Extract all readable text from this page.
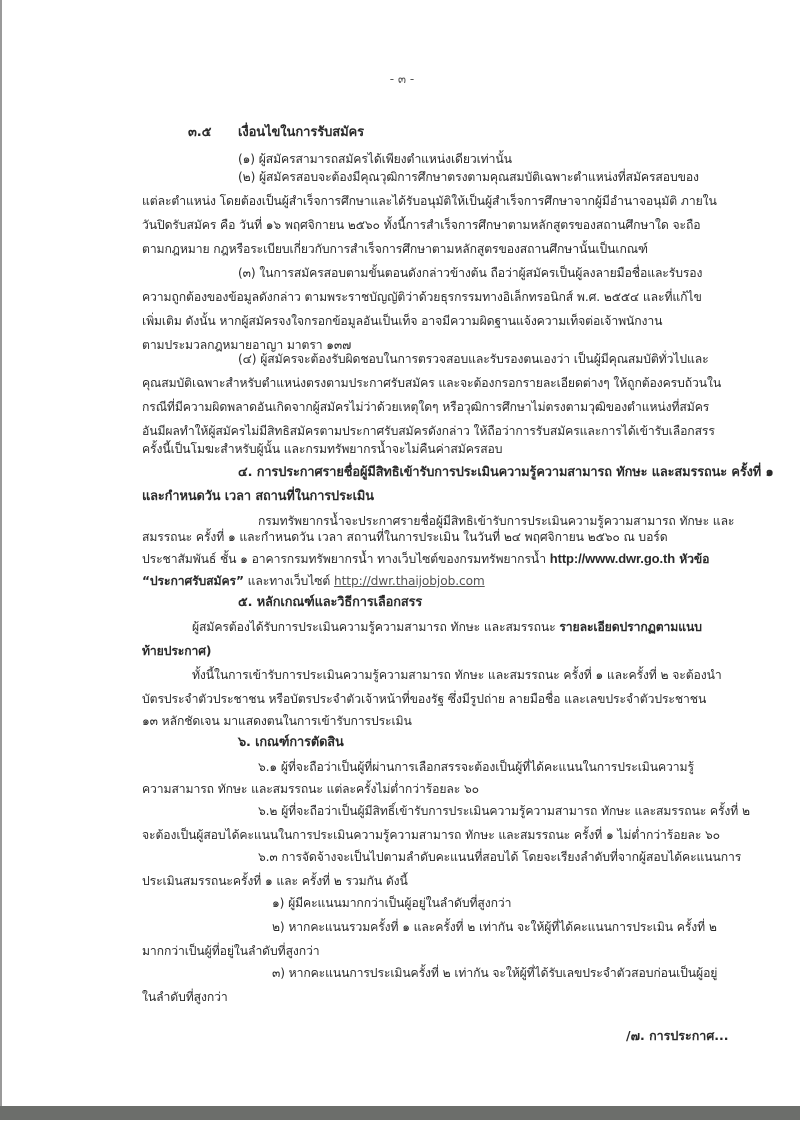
- ๓ -
๓.๕ เงื่อนไขในการรับสมัคร
(๑) ผู้สมัครสามารถสมัครได้เพียงตำแหน่งเดียวเท่านั้น
(๒) ผู้สมัครสอบจะต้องมีคุณวุฒิการศึกษาตรงตามคุณสมบัติเฉพาะตำแหน่งที่สมัครสอบของ
แต่ละตำแหน่ง โดยต้องเป็นผู้สำเร็จการศึกษาและได้รับอนุมัติให้เป็นผู้สำเร็จการศึกษาจากผู้มีอำนาจอนุมัติ ภายใน
วันปิดรับสมัคร คือ วันที่ ๑๖ พฤศจิกายน ๒๕๖๐ ทั้งนี้การสำเร็จการศึกษาตามหลักสูตรของสถานศึกษาใด จะถือ
ตามกฎหมาย กฎหรือระเบียบเกี่ยวกับการสำเร็จการศึกษาตามหลักสูตรของสถานศึกษานั้นเป็นเกณฑ์
(๓) ในการสมัครสอบตามขั้นตอนดังกล่าวข้างต้น ถือว่าผู้สมัครเป็นผู้ลงลายมือชื่อและรับรอง
ความถูกต้องของข้อมูลดังกล่าว ตามพระราชบัญญัติว่าด้วยธุรกรรมทางอิเล็กทรอนิกส์ พ.ศ. ๒๕๕๔ และที่แก้ไข
เพิ่มเติม ดังนั้น หากผู้สมัครจงใจกรอกข้อมูลอันเป็นเท็จ อาจมีความผิดฐานแจ้งความเท็จต่อเจ้าพนักงาน
ตามประมวลกฎหมายอาญา มาตรา ๑๓๗
(๔) ผู้สมัครจะต้องรับผิดชอบในการตรวจสอบและรับรองตนเองว่า เป็นผู้มีคุณสมบัติทั่วไปและ
คุณสมบัติเฉพาะสำหรับตำแหน่งตรงตามประกาศรับสมัคร และจะต้องกรอกรายละเอียดต่างๆ ให้ถูกต้องครบถ้วนใน
กรณีที่มีความผิดพลาดอันเกิดจากผู้สมัครไม่ว่าด้วยเหตุใดๆ หรือวุฒิการศึกษาไม่ตรงตามวุฒิของตำแหน่งที่สมัคร
อันมีผลทำให้ผู้สมัครไม่มีสิทธิสมัครตามประกาศรับสมัครดังกล่าว ให้ถือว่าการรับสมัครและการได้เข้ารับเลือกสรร
ครั้งนี้เป็นโมฆะสำหรับผู้นั้น และกรมทรัพยากรน้ำจะไม่คืนค่าสมัครสอบ
๔. การประกาศรายชื่อผู้มีสิทธิเข้ารับการประเมินความรู้ความสามารถ ทักษะ และสมรรถนะ ครั้งที่ ๑
และกำหนดวัน เวลา สถานที่ในการประเมิน
กรมทรัพยากรน้ำจะประกาศรายชื่อผู้มีสิทธิเข้ารับการประเมินความรู้ความสามารถ ทักษะ และ
สมรรถนะ ครั้งที่ ๑ และกำหนดวัน เวลา สถานที่ในการประเมิน ในวันที่ ๒๔ พฤศจิกายน ๒๕๖๐ ณ บอร์ด
ประชาสัมพันธ์ ชั้น ๑ อาคารกรมทรัพยากรน้ำ ทางเว็บไซต์ของกรมทรัพยากรน้ำ http://www.dwr.go.th หัวข้อ
“ประกาศรับสมัคร” และทางเว็บไซต์ http://dwr.thaijobjob.com
๕. หลักเกณฑ์และวิธีการเลือกสรร
ผู้สมัครต้องได้รับการประเมินความรู้ความสามารถ ทักษะ และสมรรถนะ รายละเอียดปรากฏตามแนบ
ท้ายประกาศ)
ทั้งนี้ในการเข้ารับการประเมินความรู้ความสามารถ ทักษะ และสมรรถนะ ครั้งที่ ๑ และครั้งที่ ๒ จะต้องนำ
บัตรประจำตัวประชาชน หรือบัตรประจำตัวเจ้าหน้าที่ของรัฐ ซึ่งมีรูปถ่าย ลายมือชื่อ และเลขประจำตัวประชาชน
๑๓ หลักชัดเจน มาแสดงตนในการเข้ารับการประเมิน
๖. เกณฑ์การตัดสิน
๖.๑ ผู้ที่จะถือว่าเป็นผู้ที่ผ่านการเลือกสรรจะต้องเป็นผู้ที่ได้คะแนนในการประเมินความรู้
ความสามารถ ทักษะ และสมรรถนะ แต่ละครั้งไม่ต่ำกว่าร้อยละ ๖๐
๖.๒ ผู้ที่จะถือว่าเป็นผู้มีสิทธิ์เข้ารับการประเมินความรู้ความสามารถ ทักษะ และสมรรถนะ ครั้งที่ ๒
จะต้องเป็นผู้สอบได้คะแนนในการประเมินความรู้ความสามารถ ทักษะ และสมรรถนะ ครั้งที่ ๑ ไม่ต่ำกว่าร้อยละ ๖๐
๖.๓ การจัดจ้างจะเป็นไปตามลำดับคะแนนที่สอบได้ โดยจะเรียงลำดับที่จากผู้สอบได้คะแนนการ
ประเมินสมรรถนะครั้งที่ ๑ และ ครั้งที่ ๒ รวมกัน ดังนี้
๑) ผู้มีคะแนนมากกว่าเป็นผู้อยู่ในลำดับที่สูงกว่า
๒) หากคะแนนรวมครั้งที่ ๑ และครั้งที่ ๒ เท่ากัน จะให้ผู้ที่ได้คะแนนการประเมิน ครั้งที่ ๒
มากกว่าเป็นผู้ที่อยู่ในลำดับที่สูงกว่า
๓) หากคะแนนการประเมินครั้งที่ ๒ เท่ากัน จะให้ผู้ที่ได้รับเลขประจำตัวสอบก่อนเป็นผู้อยู่
ในลำดับที่สูงกว่า
/๗. การประกาศ...
